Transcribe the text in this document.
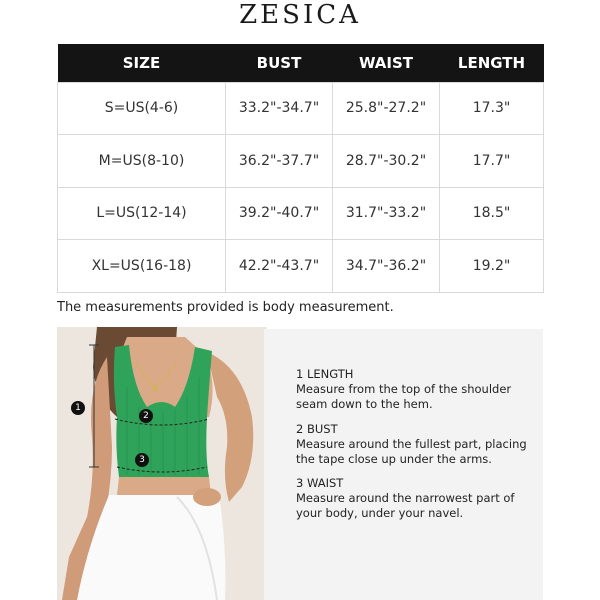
ZESICA
SIZE	BUST	WAIST	LENGTH
S=US(4-6)	33.2"-34.7"	25.8"-27.2"	17.3"
M=US(8-10)	36.2"-37.7"	28.7"-30.2"	17.7"
L=US(12-14)	39.2"-40.7"	31.7"-33.2"	18.5"
XL=US(16-18)	42.2"-43.7"	34.7"-36.2"	19.2"
The measurements provided is body measurement.
1
2
3
1 LENGTH
Measure from the top of the shoulder seam down to the hem.
2 BUST
Measure around the fullest part, placing the tape close up under the arms.
3 WAIST
Measure around the narrowest part of your body, under your navel.
